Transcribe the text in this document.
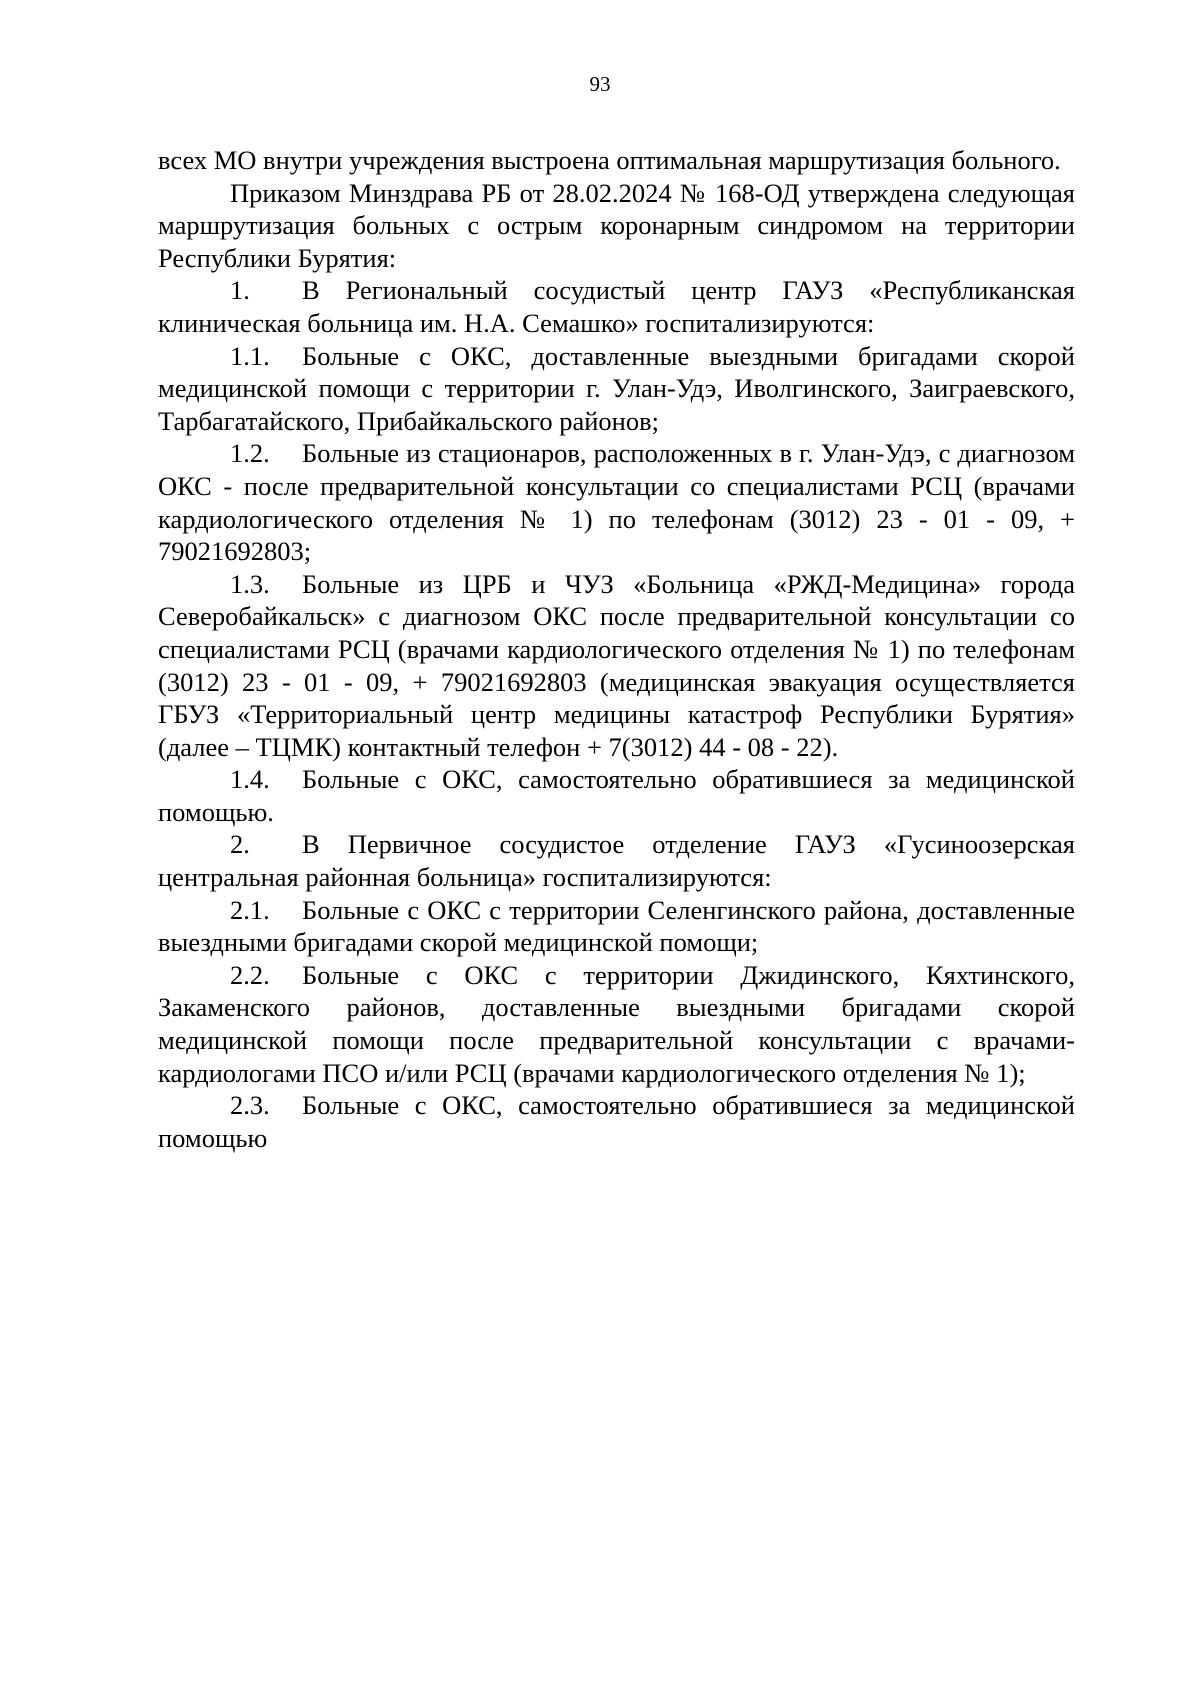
93

всех МО внутри учреждения выстроена оптимальная маршрутизация больного.

Приказом Минздрава РБ от 28.02.2024 № 168-ОД утверждена следующая маршрутизация больных с острым коронарным синдромом на территории Республики Бурятия:

1. В Региональный сосудистый центр ГАУЗ «Республиканская клиническая больница им. Н.А. Семашко» госпитализируются:

1.1. Больные с ОКС, доставленные выездными бригадами скорой медицинской помощи с территории г. Улан-Удэ, Иволгинского, Заиграевского, Тарбагатайского, Прибайкальского районов;

1.2. Больные из стационаров, расположенных в г. Улан-Удэ, с диагнозом ОКС - после предварительной консультации со специалистами РСЦ (врачами кардиологического отделения № 1) по телефонам (3012) 23 - 01 - 09, + 79021692803;

1.3. Больные из ЦРБ и ЧУЗ «Больница «РЖД-Медицина» города Северобайкальск» с диагнозом ОКС после предварительной консультации со специалистами РСЦ (врачами кардиологического отделения № 1) по телефонам (3012) 23 - 01 - 09, + 79021692803 (медицинская эвакуация осуществляется ГБУЗ «Территориальный центр медицины катастроф Республики Бурятия» (далее – ТЦМК) контактный телефон + 7(3012) 44 - 08 - 22).

1.4. Больные с ОКС, самостоятельно обратившиеся за медицинской помощью.

2. В Первичное сосудистое отделение ГАУЗ «Гусиноозерская центральная районная больница» госпитализируются:

2.1. Больные с ОКС с территории Селенгинского района, доставленные выездными бригадами скорой медицинской помощи;

2.2. Больные с ОКС с территории Джидинского, Кяхтинского, Закаменского районов, доставленные выездными бригадами скорой медицинской помощи после предварительной консультации с врачами-кардиологами ПСО и/или РСЦ (врачами кардиологического отделения № 1);

2.3. Больные с ОКС, самостоятельно обратившиеся за медицинской помощью
